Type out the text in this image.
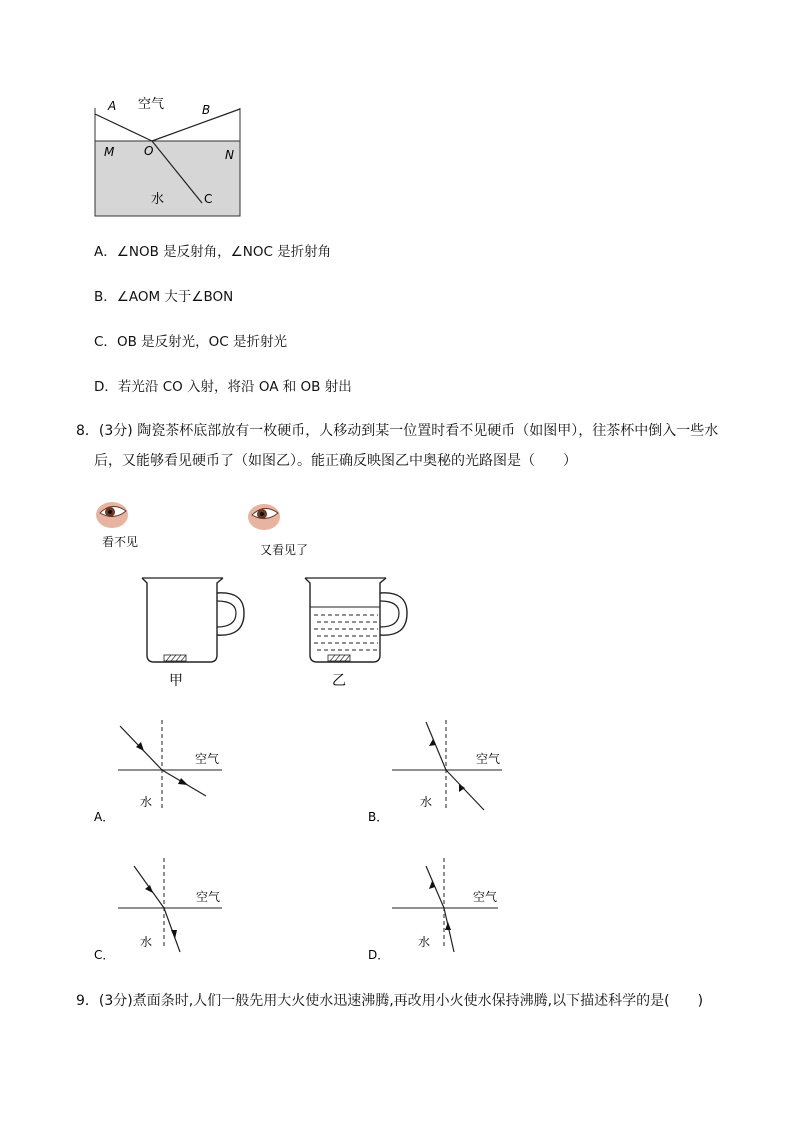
A 空气	B
M O	N
水	C
A．∠NOB 是反射角，∠NOC 是折射角
B．∠AOM 大于∠BON
C．OB 是反射光，OC 是折射光
D．若光沿 CO 入射，将沿 OA 和 OB 射出
8．(3分) 陶瓷茶杯底部放有一枚硬币，人移动到某一位置时看不见硬币（如图甲），往茶杯中倒入一些水
后，又能够看见硬币了（如图乙）。能正确反映图乙中奥秘的光路图是（　　）
看不见
又看见了
甲	乙
空气
水
A．
空气
水
B．
空气
水
C．
空气
水
D．
9．(3分)煮面条时,人们一般先用大火使水迅速沸腾,再改用小火使水保持沸腾,以下描述科学的是(　　)
